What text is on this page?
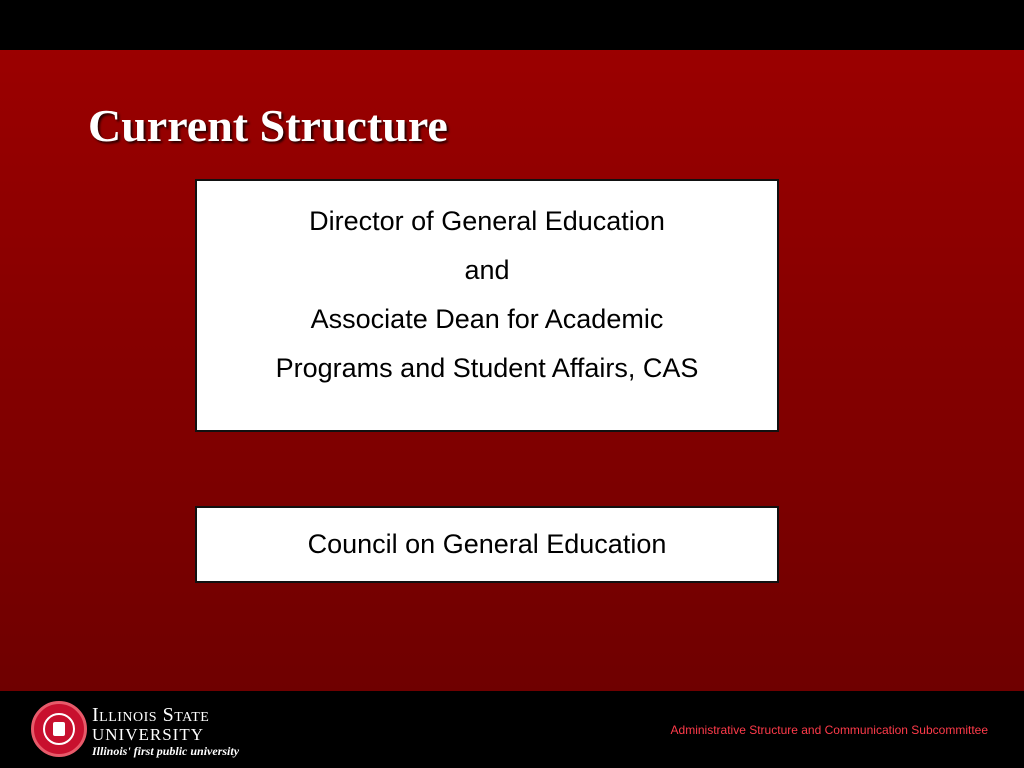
Current Structure
Director of General Education
and
Associate Dean for Academic
Programs and Student Affairs, CAS
Council on General Education
Illinois State
UNIVERSITY
Illinois' first public university
Administrative Structure and Communication Subcommittee
